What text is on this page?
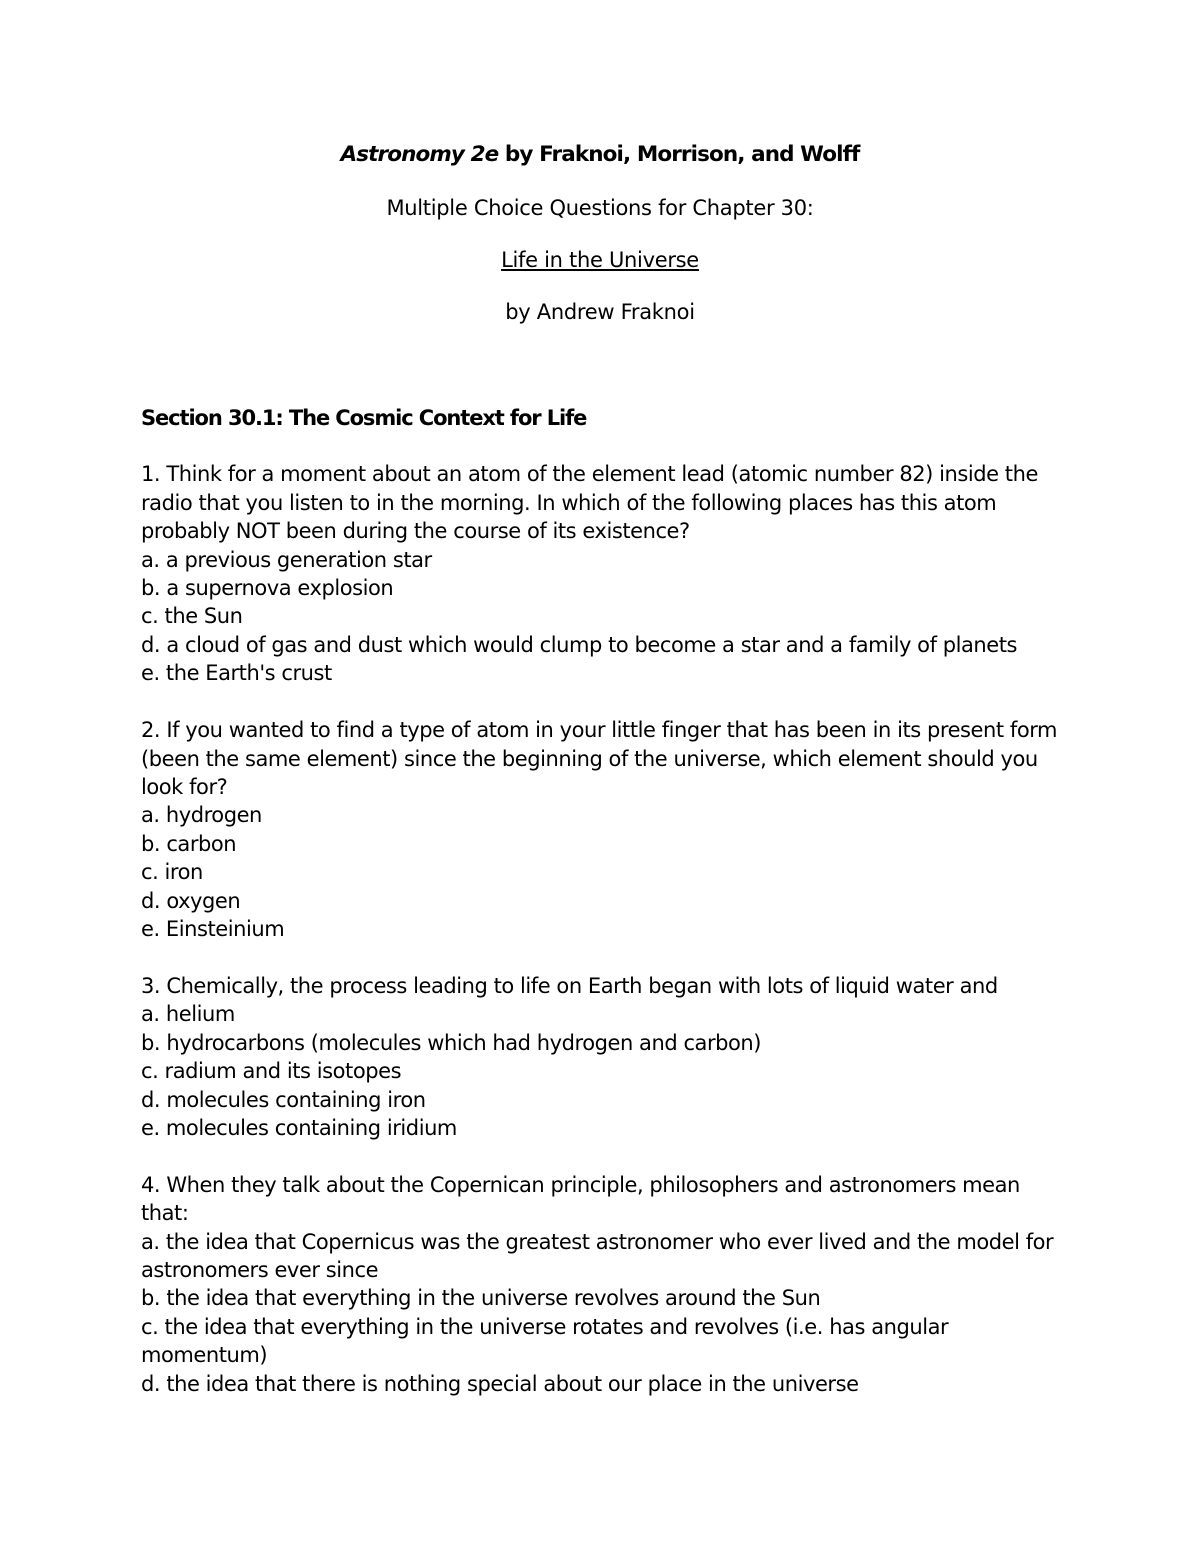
Astronomy 2e by Fraknoi, Morrison, and Wolff
Multiple Choice Questions for Chapter 30:
Life in the Universe
by Andrew Fraknoi
Section 30.1: The Cosmic Context for Life

1. Think for a moment about an atom of the element lead (atomic number 82) inside the radio that you listen to in the morning. In which of the following places has this atom probably NOT been during the course of its existence?

a. a previous generation star
b. a supernova explosion
c. the Sun
d. a cloud of gas and dust which would clump to become a star and a family of planets
e. the Earth's crust

2. If you wanted to find a type of atom in your little finger that has been in its present form (been the same element) since the beginning of the universe, which element should you look for?

a. hydrogen
b. carbon
c. iron
d. oxygen
e. Einsteinium

3. Chemically, the process leading to life on Earth began with lots of liquid water and

a. helium
b. hydrocarbons (molecules which had hydrogen and carbon)
c. radium and its isotopes
d. molecules containing iron
e. molecules containing iridium

4. When they talk about the Copernican principle, philosophers and astronomers mean that:

a. the idea that Copernicus was the greatest astronomer who ever lived and the model for astronomers ever since
b. the idea that everything in the universe revolves around the Sun
c. the idea that everything in the universe rotates and revolves (i.e. has angular momentum)
d. the idea that there is nothing special about our place in the universe
